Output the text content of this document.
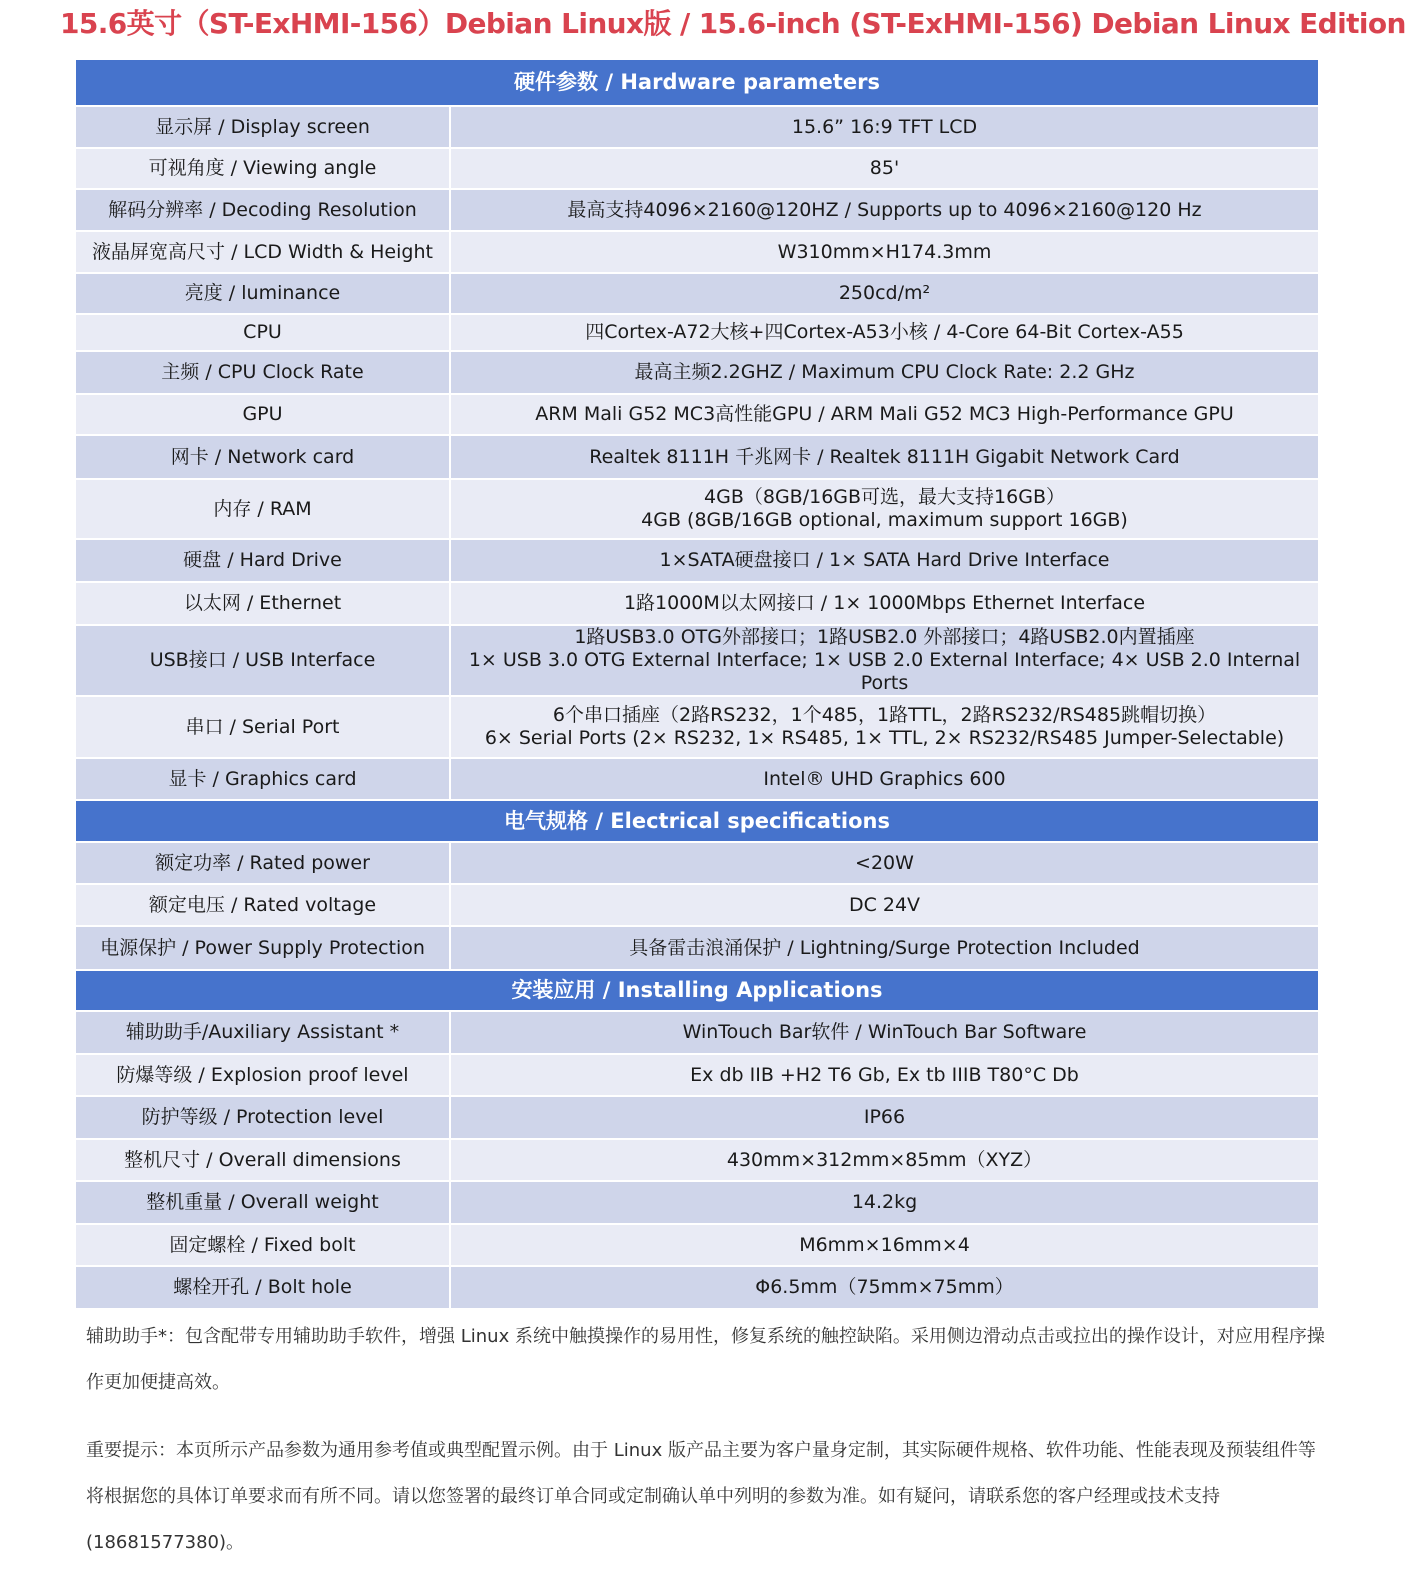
15.6英寸（ST-ExHMI-156）Debian Linux版 / 15.6-inch (ST-ExHMI-156) Debian Linux Edition
硬件参数 / Hardware parameters	
显示屏 / Display screen	15.6” 16:9 TFT LCD
可视角度 / Viewing angle	85'
解码分辨率 / Decoding Resolution	最高支持4096×2160@120HZ / Supports up to 4096×2160@120 Hz
液晶屏宽高尺寸 / LCD Width & Height	W310mm×H174.3mm
亮度 / luminance	250cd/m²
CPU	四Cortex-A72大核+四Cortex-A53小核 / 4-Core 64-Bit Cortex-A55
主频 / CPU Clock Rate	最高主频2.2GHZ / Maximum CPU Clock Rate: 2.2 GHz
GPU	ARM Mali G52 MC3高性能GPU / ARM Mali G52 MC3 High-Performance GPU
网卡 / Network card	Realtek 8111H 千兆网卡 / Realtek 8111H Gigabit Network Card
内存 / RAM	4GB（8GB/16GB可选，最大支持16GB）
4GB (8GB/16GB optional, maximum support 16GB)

硬盘 / Hard Drive	1×SATA硬盘接口 / 1× SATA Hard Drive Interface
以太网 / Ethernet	1路1000M以太网接口 / 1× 1000Mbps Ethernet Interface
USB接口 / USB Interface	1路USB3.0 OTG外部接口；1路USB2.0 外部接口；4路USB2.0内置插座
1× USB 3.0 OTG External Interface; 1× USB 2.0 External Interface; 4× USB 2.0 Internal Ports

串口 / Serial Port	6个串口插座（2路RS232，1个485，1路TTL，2路RS232/RS485跳帽切换）
6× Serial Ports (2× RS232, 1× RS485, 1× TTL, 2× RS232/RS485 Jumper-Selectable)

显卡 / Graphics card	Intel® UHD Graphics 600
电气规格 / Electrical specifications	
额定功率 / Rated power	<20W
额定电压 / Rated voltage	DC 24V
电源保护 / Power Supply Protection	具备雷击浪涌保护 / Lightning/Surge Protection Included
安装应用 / Installing Applications	
辅助助手/Auxiliary Assistant *	WinTouch Bar软件 / WinTouch Bar Software
防爆等级 / Explosion proof level	Ex db IIB +H2 T6 Gb, Ex tb IIIB T80°C Db
防护等级 / Protection level	IP66
整机尺寸 / Overall dimensions	430mm×312mm×85mm（XYZ）
整机重量 / Overall weight	14.2kg
固定螺栓 / Fixed bolt	M6mm×16mm×4
螺栓开孔 / Bolt hole	Φ6.5mm（75mm×75mm）
辅助助手*：包含配带专用辅助助手软件，增强 Linux 系统中触摸操作的易用性，修复系统的触控缺陷。采用侧边滑动点击或拉出的操作设计，对应用程序操作更加便捷高效。
重要提示：本页所示产品参数为通用参考值或典型配置示例。由于 Linux 版产品主要为客户量身定制，其实际硬件规格、软件功能、性能表现及预装组件等将根据您的具体订单要求而有所不同。请以您签署的最终订单合同或定制确认单中列明的参数为准。如有疑问，请联系您的客户经理或技术支持 (18681577380)。
